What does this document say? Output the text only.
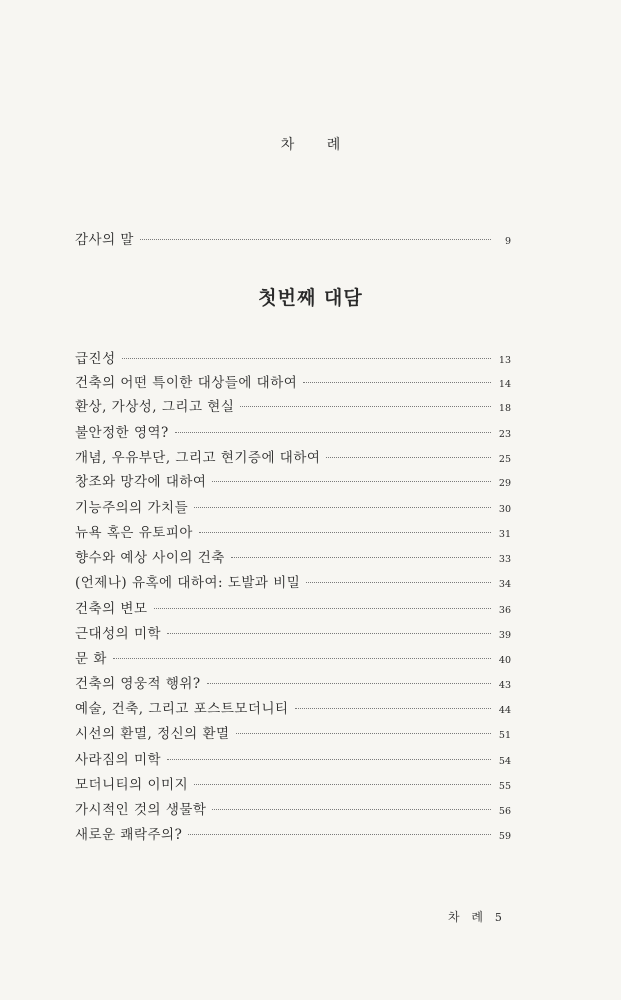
차 례
감사의 말	9
첫번째 대담
급진성	13
건축의 어떤 특이한 대상들에 대하여	14
환상, 가상성, 그리고 현실	18
불안정한 영역?	23
개념, 우유부단, 그리고 현기증에 대하여	25
창조와 망각에 대하여	29
기능주의의 가치들	30
뉴욕 혹은 유토피아	31
향수와 예상 사이의 건축	33
(언제나) 유혹에 대하여: 도발과 비밀	34
건축의 변모	36
근대성의 미학	39
문 화	40
건축의 영웅적 행위?	43
예술, 건축, 그리고 포스트모더니티	44
시선의 환멸, 정신의 환멸	51
사라짐의 미학	54
모더니티의 이미지	55
가시적인 것의 생물학	56
새로운 쾌락주의?	59
차 례 5
